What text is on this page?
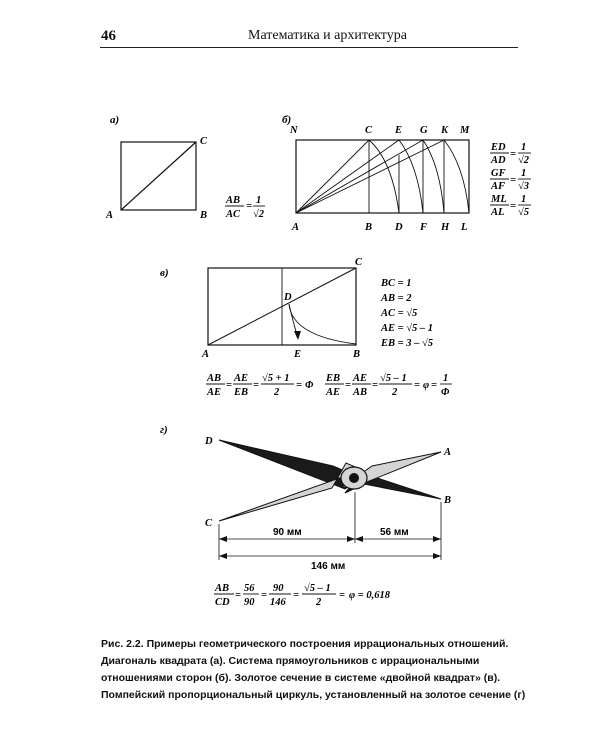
46	Математика и архитектура
а)
A	B
C
AB
AC
=
1
√2
б)
N	C E G K M
A	B D F H L
ED
AD
=
1
√2
GF
AF
=
1
√3
ML
AL
=
1
√5
в)
A	B
C
D
E
BC = 1
AB = 2
AC = √5
AE = √5 – 1
EB = 3 – √5
AB
AE
=
AE
EB
=
√5 + 1
2
= Φ
EB
AE
=
AE
AB
=
√5 – 1
2
= φ =
1
Φ
г)
D
A
B
C
90 мм	56 мм
146 мм
AB
CD
=
56
90
=
90
146
=
√5 – 1
2
= φ = 0,618
Рис. 2.2. Примеры геометрического построения иррациональных отношений.
Диагональ квадрата (а). Система прямоугольников с иррациональными
отношениями сторон (б). Золотое сечение в системе «двойной квадрат» (в).
Помпейский пропорциональный циркуль, установленный на золотое сечение (г)
